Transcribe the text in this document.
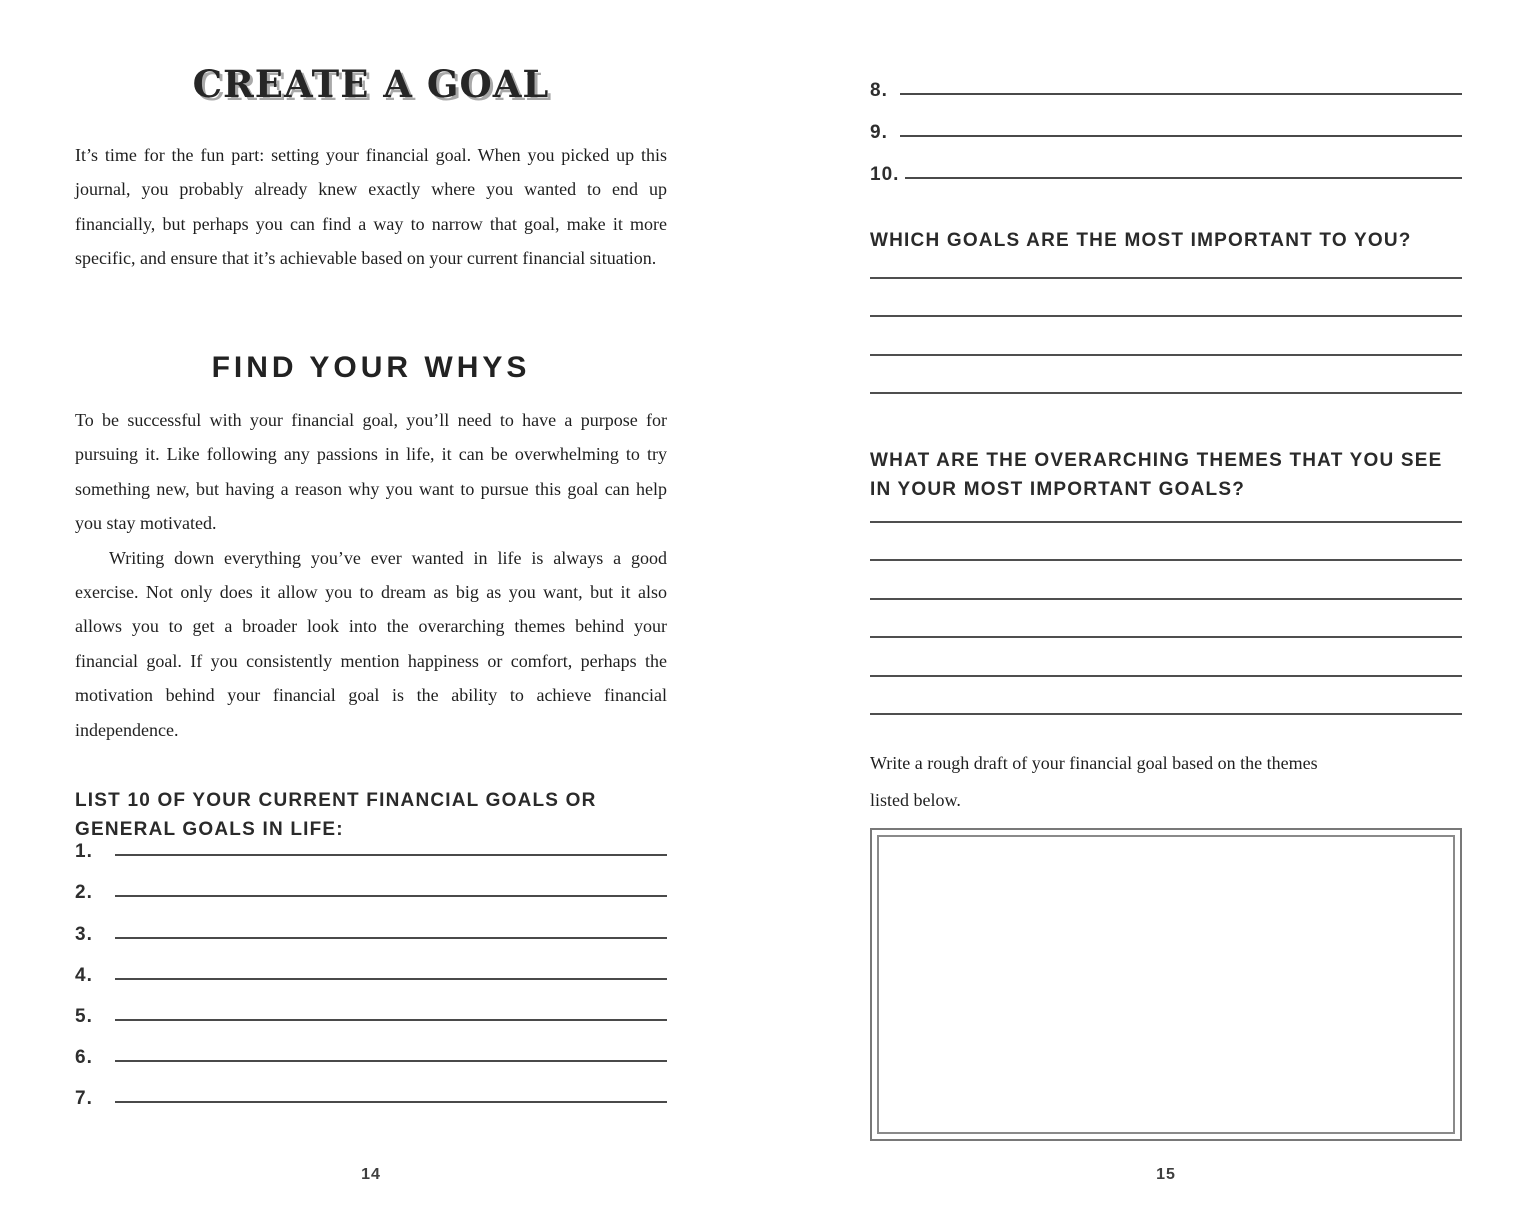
CREATE A GOAL

It’s time for the fun part: setting your financial goal. When you picked up this journal, you probably already knew exactly where you wanted to end up financially, but perhaps you can find a way to narrow that goal, make it more specific, and ensure that it’s achievable based on your current financial situation.

FIND YOUR WHYS

To be successful with your financial goal, you’ll need to have a purpose for pursuing it. Like following any passions in life, it can be overwhelming to try something new, but having a reason why you want to pursue this goal can help you stay motivated.

Writing down everything you’ve ever wanted in life is always a good exercise. Not only does it allow you to dream as big as you want, but it also allows you to get a broader look into the overarching themes behind your financial goal. If you consistently mention happiness or comfort, perhaps the motivation behind your financial goal is the ability to achieve financial independence.

LIST 10 OF YOUR CURRENT FINANCIAL GOALS OR
GENERAL GOALS IN LIFE:
1.
2.
3.
4.
5.
6.
7.
14
8.
9.
10.
WHICH GOALS ARE THE MOST IMPORTANT TO YOU?
WHAT ARE THE OVERARCHING THEMES THAT YOU SEE
IN YOUR MOST IMPORTANT GOALS?
Write a rough draft of your financial goal based on the themes
listed below.
15
